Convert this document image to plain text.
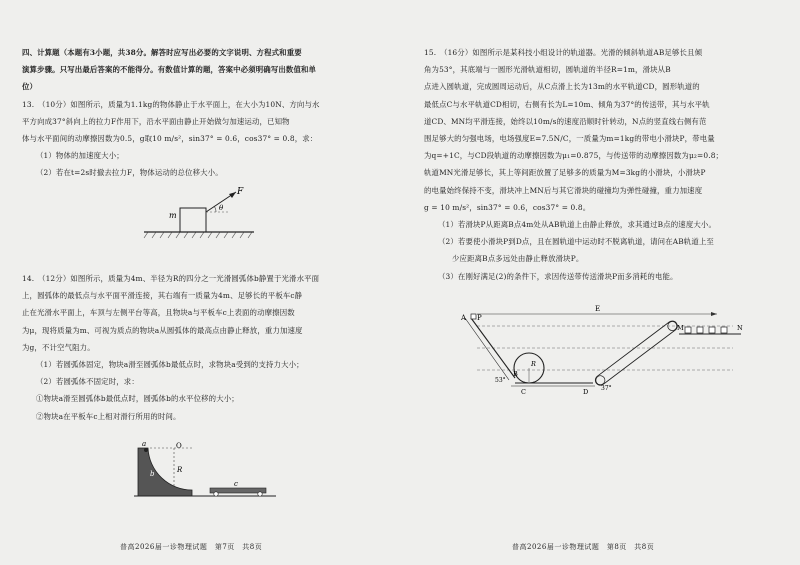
四、计算题（本题有3小题，共38分。解答时应写出必要的文字说明、方程式和重要
演算步骤。只写出最后答案的不能得分。有数值计算的题，答案中必须明确写出数值和单
位）
13.　（10分）如图所示，质量为1.1kg的物体静止于水平面上，在大小为10N、方向与水
平方向成37°斜向上的拉力F作用下，沿水平面由静止开始做匀加速运动，已知物
体与水平面间的动摩擦因数为0.5，g取10 m/s²，sin37° = 0.6，cos37° = 0.8，求：
（1）物体的加速度大小；
（2）若在t=2s时撤去拉力F，物体运动的总位移大小。
F
m
θ
14.　（12分）如图所示，质量为4m、半径为R的四分之一光滑圆弧体b静置于光滑水平面
上，圆弧体的最低点与水平面平滑连接，其右端有一质量为4m、足够长的平板车c静
止在光滑水平面上，车顶与左侧平台等高，且物块a与平板车c上表面的动摩擦因数
为μ，现将质量为m、可视为质点的物块a从圆弧体的最高点由静止释放，重力加速度
为g，不计空气阻力。
（1）若圆弧体固定，物块a滑至圆弧体b最低点时，求物块a受到的支持力大小；
（2）若圆弧体不固定时，求：
①物块a滑至圆弧体b最低点时，圆弧体b的水平位移的大小；
②物块a在平板车c上相对滑行所用的时间。
a	O
R
b
c
普高2026届一诊物理试题　第7页　共8页
15.　（16分）如图所示是某科技小组设计的轨道器。光滑的倾斜轨道AB足够长且倾
角为53°，其底端与一圆形光滑轨道相切，圆轨道的半径R=1m，滑块从B
点进入圆轨道，完成圆周运动后，从C点滑上长为13m的水平轨道CD，圆形轨道的
最低点C与水平轨道CD相切，右侧有长为L=10m、倾角为37°的传送带，其与水平轨
道CD、MN均平滑连接，始终以10m/s的速度沿顺时针转动，N点的竖直线右侧有范
围足够大的匀强电场，电场强度E=7.5N/C，一质量为m=1kg的带电小滑块P，带电量
为q=+1C，与CD段轨道的动摩擦因数为μ₁=0.875，与传送带的动摩擦因数为μ₂=0.8；
轨道MN光滑足够长，其上等间距放置了足够多的质量为M=3kg的小滑块，小滑块P
的电量始终保持不变，滑块冲上MN后与其它滑块的碰撞均为弹性碰撞，重力加速度
g = 10 m/s²，sin37° = 0.6，cos37° = 0.8。
（1）若滑块P从距离B点4m处从AB轨道上由静止释放，求其通过B点的速度大小。
（2）若要使小滑块P到D点，且在圆轨道中运动时不脱离轨道，请问在AB轨道上至
少应距离B点多远处由静止释放滑块P。
（3）在刚好满足(2)的条件下，求因传送带传送滑块P而多消耗的电能。
A P
E
M	N
B
C	D
R
53°
37°
普高2026届一诊物理试题　第8页　共8页
